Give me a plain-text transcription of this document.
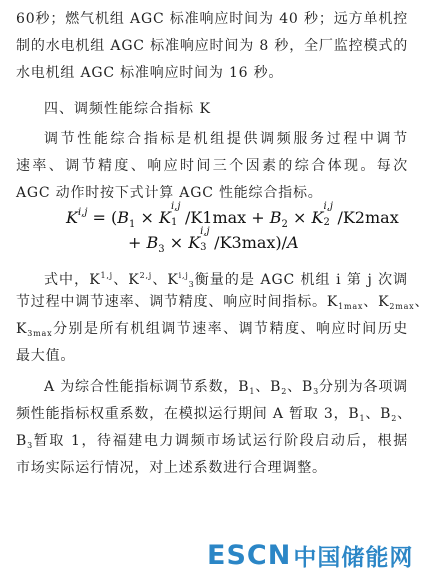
60秒；燃气机组 AGC 标准响应时间为 40 秒；远方单机控
制的水电机组 AGC 标准响应时间为 8 秒，全厂监控模式的
水电机组 AGC 标准响应时间为 16 秒。
四、调频性能综合指标 K
调节性能综合指标是机组提供调频服务过程中调节
速率、调节精度、响应时间三个因素的综合体现。每次
AGC 动作时按下式计算 AGC 性能综合指标。
$K^{i,j} = (B_1 \times K$
i,j
1 $/K1\max + B_2 \times K$
i,j
2 /K2max
+ $B_3 \times K$
i,j
3 /K3max)/A
式中，K$^{1,j}$、K$^{2,j}$、K$^{i,j}_3$衡量的是 AGC 机组 i 第 j 次调
节过程中调节速率、调节精度、响应时间指标。$K_{1max}$、$K_{2max}$、
$K_{3max}$分别是所有机组调节速率、调节精度、响应时间历史
最大值。
A 为综合性能指标调节系数，$B_1$、$B_2$、$B_3$分别为各项调
频性能指标权重系数，在模拟运行期间 A 暂取 3，$B_1$、$B_2$、
$B_3$暂取 1，待福建电力调频市场试运行阶段启动后，根据
市场实际运行情况，对上述系数进行合理调整。
ESCN 中国储能网
